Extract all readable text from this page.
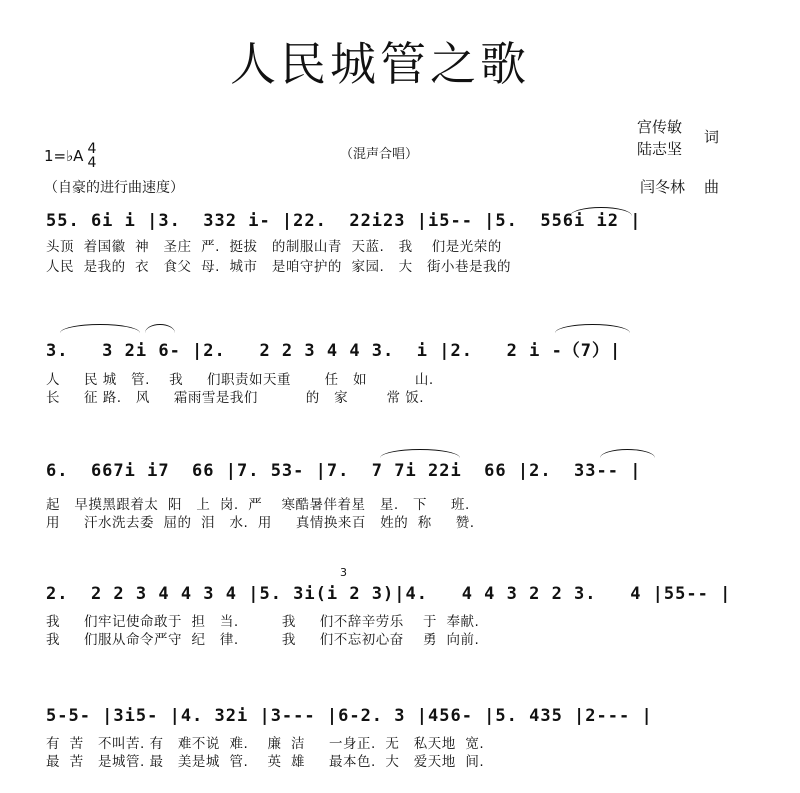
人民城管之歌
宫传敏
陆志坚
词
闫冬林 曲
1=♭A 4
4
（混声合唱）
（自豪的进行曲速度）
55. 6i i |3.  332 i- |22.  22i23 |i5-- |5.  556i i2 |
头顶  着国徽  神   圣庄  严.  挺拔   的制服山青  天蓝.   我    们是光荣的
人民  是我的  衣   食父  母.  城市   是咱守护的  家园.   大   街小巷是我的
3.   3 2i 6- |2.   2 2 3 4 4 3.  i |2.   2 i -（7）|
人     民 城   管.    我     们职责如天重       任   如          山.
长     征 路.   风     霜雨雪是我们          的   家        常 饭.
6.  667i i7  66 |7. 53- |7.  7 7i 22i  66 |2.  33-- |
起   早摸黑跟着太  阳   上  岗.  严    寒酷暑伴着星   星.   下     班.
用     汗水洗去委  屈的  泪   水.  用     真情换来百   姓的  称     赞.
3
2.  2 2 3 4 4 3 4 |5. 3i(i 2 3)|4.   4 4 3 2 2 3.   4 |55-- |
我     们牢记使命敢于  担   当.         我     们不辞辛劳乐    于  奉献.
我     们服从命令严守  纪   律.         我     们不忘初心奋    勇  向前.
5-5- |3i5- |4. 32i |3--- |6-2. 3 |456- |5. 435 |2--- |
有  苦   不叫苦. 有   难不说  难.    廉  洁     一身正.  无   私天地  宽.
最  苦   是城管. 最   美是城  管.    英  雄     最本色.  大   爱天地  间.
